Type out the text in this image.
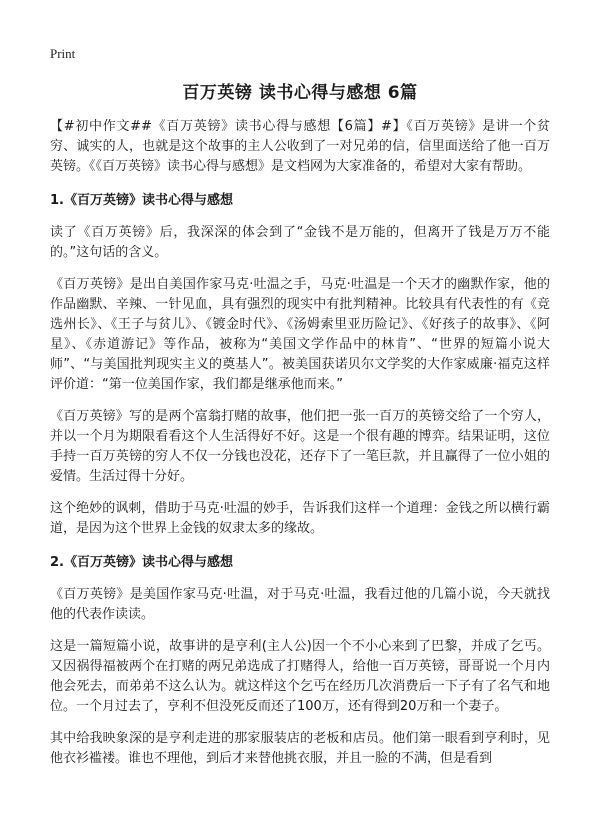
Print
百万英镑 读书心得与感想 6篇

【#初中作文##《百万英镑》读书心得与感想【6篇】#】《百万英镑》是讲一个贫穷、诚实的人，也就是这个故事的主人公收到了一对兄弟的信，信里面送给了他一百万英镑。《《百万英镑》读书心得与感想》是文档网为大家准备的，希望对大家有帮助。

1.《百万英镑》读书心得与感想

读了《百万英镑》后，我深深的体会到了“金钱不是万能的，但离开了钱是万万不能的。”这句话的含义。

《百万英镑》是出自美国作家马克·吐温之手，马克·吐温是一个天才的幽默作家，他的作品幽默、辛辣、一针见血，具有强烈的现实中有批判精神。比较具有代表性的有《竞选州长》、《王子与贫儿》、《镀金时代》、《汤姆索里亚历险记》、《好孩子的故事》、《阿星》、《赤道游记》等作品，被称为“美国文学作品中的林肯”、“世界的短篇小说大师”、“与美国批判现实主义的奠基人”。被美国获诺贝尔文学奖的大作家威廉·福克这样评价道：“第一位美国作家，我们都是继承他而来。”

《百万英镑》写的是两个富翁打赌的故事，他们把一张一百万的英镑交给了一个穷人，并以一个月为期限看看这个人生活得好不好。这是一个很有趣的博弈。结果证明，这位手持一百万英镑的穷人不仅一分钱也没花，还存下了一笔巨款，并且赢得了一位小姐的爱情。生活过得十分好。

这个绝妙的讽刺，借助于马克·吐温的妙手，告诉我们这样一个道理：金钱之所以横行霸道，是因为这个世界上金钱的奴隶太多的缘故。

2.《百万英镑》读书心得与感想

《百万英镑》是美国作家马克·吐温，对于马克·吐温，我看过他的几篇小说，今天就找他的代表作读读。

这是一篇短篇小说，故事讲的是亨利(主人公)因一个不小心来到了巴黎，并成了乞丐。又因祸得福被两个在打赌的两兄弟选成了打赌得人，给他一百万英镑，哥哥说一个月内他会死去，而弟弟不这么认为。就这样这个乞丐在经历几次消费后一下子有了名气和地位。一个月过去了，亨利不但没死反而还了100万，还有得到20万和一个妻子。

其中给我映象深的是亨利走进的那家服装店的老板和店员。他们第一眼看到亨利时，见他衣衫褴褛。谁也不理他，到后才来替他挑衣服，并且一脸的不满，但是看到
